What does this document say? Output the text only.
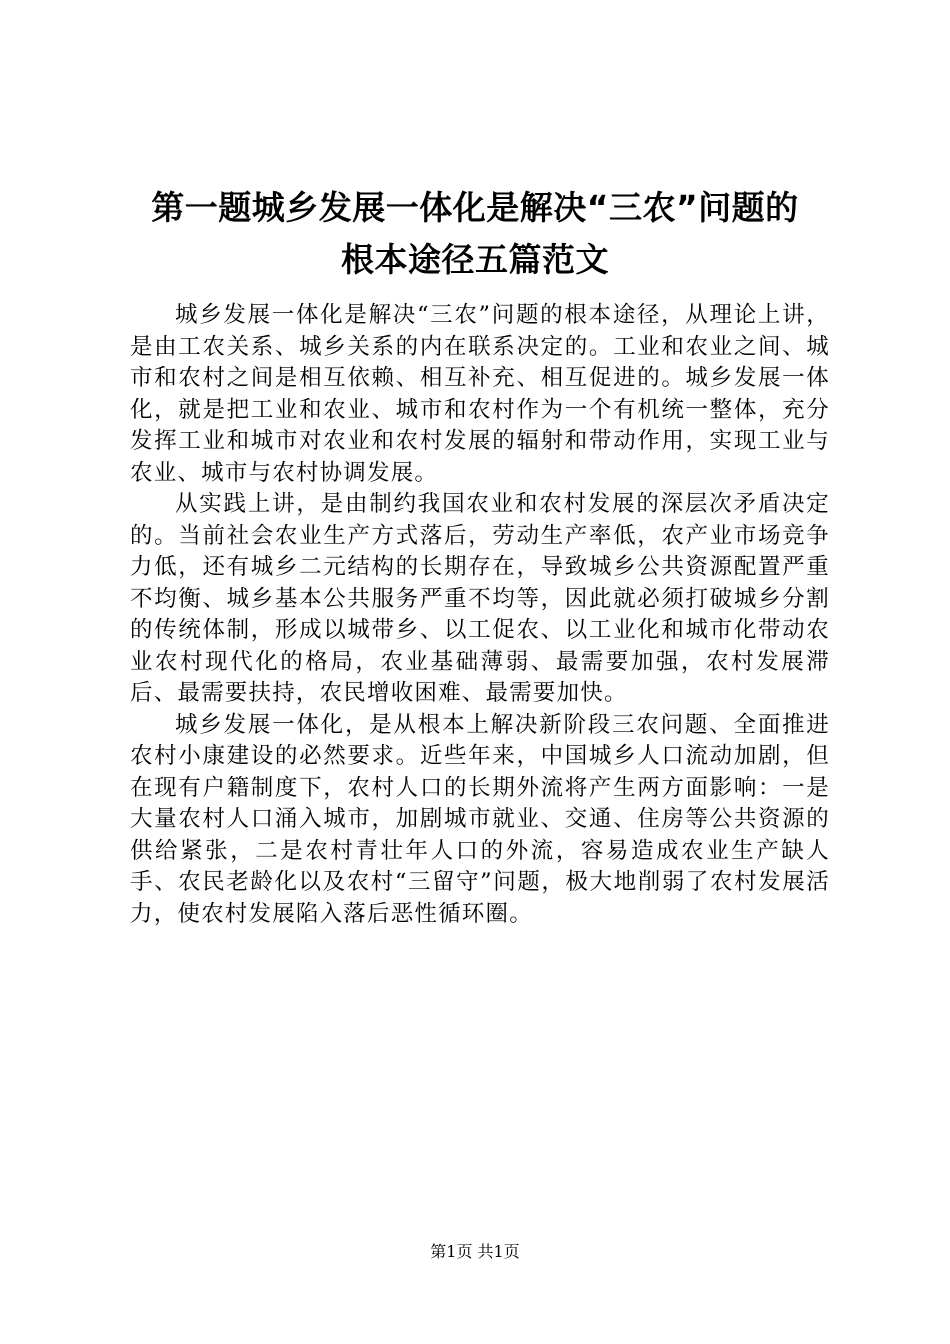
第一题城乡发展一体化是解决“三农”问题的
根本途径五篇范文

城乡发展一体化是解决“三农”问题的根本途径，从理论上讲，是由工农关系、城乡关系的内在联系决定的。工业和农业之间、城市和农村之间是相互依赖、相互补充、相互促进的。城乡发展一体化，就是把工业和农业、城市和农村作为一个有机统一整体，充分发挥工业和城市对农业和农村发展的辐射和带动作用，实现工业与农业、城市与农村协调发展。

从实践上讲，是由制约我国农业和农村发展的深层次矛盾决定的。当前社会农业生产方式落后，劳动生产率低，农产业市场竞争力低，还有城乡二元结构的长期存在，导致城乡公共资源配置严重不均衡、城乡基本公共服务严重不均等，因此就必须打破城乡分割的传统体制，形成以城带乡、以工促农、以工业化和城市化带动农业农村现代化的格局，农业基础薄弱、最需要加强，农村发展滞后、最需要扶持，农民增收困难、最需要加快。

城乡发展一体化，是从根本上解决新阶段三农问题、全面推进农村小康建设的必然要求。近些年来，中国城乡人口流动加剧，但在现有户籍制度下，农村人口的长期外流将产生两方面影响：一是大量农村人口涌入城市，加剧城市就业、交通、住房等公共资源的供给紧张，二是农村青壮年人口的外流，容易造成农业生产缺人手、农民老龄化以及农村“三留守”问题，极大地削弱了农村发展活力，使农村发展陷入落后恶性循环圈。

第1页 共1页
